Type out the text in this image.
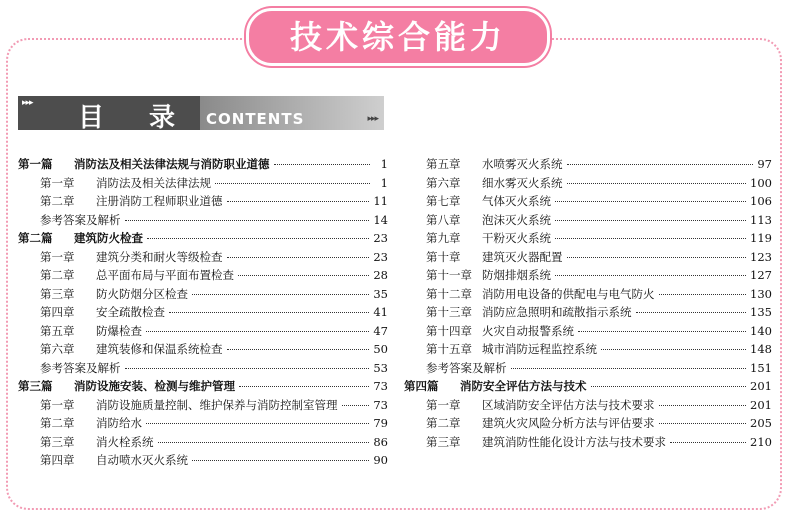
技术综合能力
▸▸▸ 目 录 CONTENTS	▸▸▸
第一篇	消防法及相关法律法规与消防职业道德	1
第一章	消防法及相关法律法规	1
第二章	注册消防工程师职业道德	11
参考答案及解析	14
第二篇	建筑防火检查	23
第一章	建筑分类和耐火等级检查	23
第二章	总平面布局与平面布置检查	28
第三章	防火防烟分区检查	35
第四章	安全疏散检查	41
第五章	防爆检查	47
第六章	建筑装修和保温系统检查	50
参考答案及解析	53
第三篇	消防设施安装、检测与维护管理	73
第一章	消防设施质量控制、维护保养与消防控制室管理	73
第二章	消防给水	79
第三章	消火栓系统	86
第四章	自动喷水灭火系统	90
第五章	水喷雾灭火系统	97
第六章	细水雾灭火系统	100
第七章	气体灭火系统	106
第八章	泡沫灭火系统	113
第九章	干粉灭火系统	119
第十章	建筑灭火器配置	123
第十一章 防烟排烟系统	127
第十二章 消防用电设备的供配电与电气防火	130
第十三章 消防应急照明和疏散指示系统	135
第十四章 火灾自动报警系统	140
第十五章 城市消防远程监控系统	148
参考答案及解析	151
第四篇	消防安全评估方法与技术	201
第一章	区域消防安全评估方法与技术要求	201
第二章	建筑火灾风险分析方法与评估要求	205
第三章	建筑消防性能化设计方法与技术要求	210
